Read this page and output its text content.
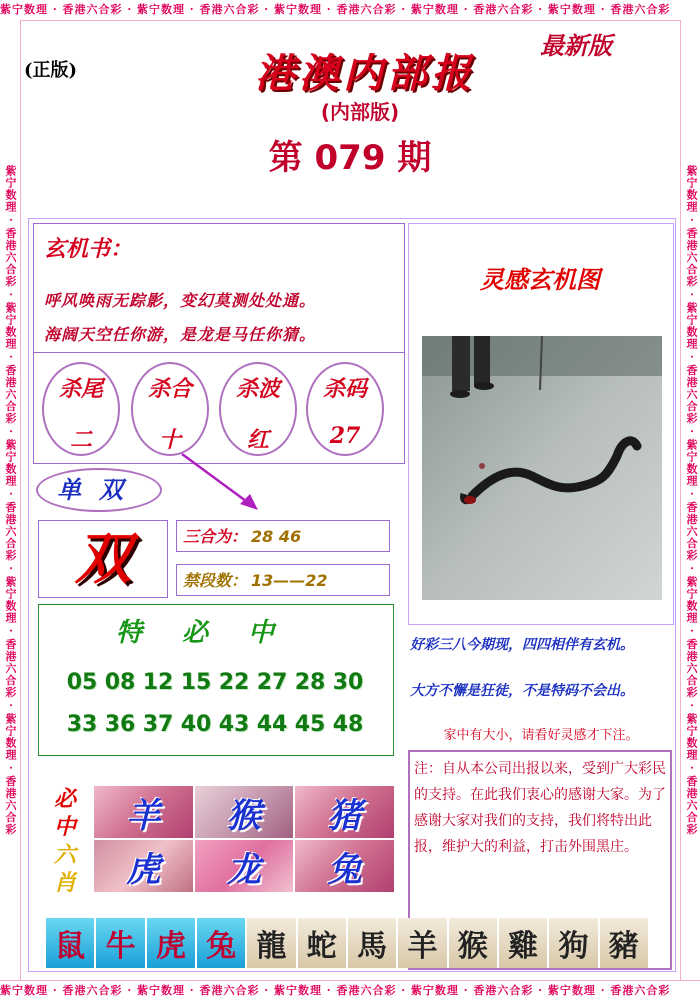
紫宁数理 · 香港六合彩 · 紫宁数理 · 香港六合彩 · 紫宁数理 · 香港六合彩 · 紫宁数理 · 香港六合彩 · 紫宁数理 · 香港六合彩
紫宁数理 · 香港六合彩 · 紫宁数理 · 香港六合彩 · 紫宁数理 · 香港六合彩 · 紫宁数理 · 香港六合彩 · 紫宁数理 · 香港六合彩
紫宁数理 · 香港六合彩 · 紫宁数理 · 香港六合彩 · 紫宁数理 · 香港六合彩 · 紫宁数理 · 香港六合彩 · 紫宁数理 · 香港六合彩	紫宁数理 · 香港六合彩 · 紫宁数理 · 香港六合彩 · 紫宁数理 · 香港六合彩 · 紫宁数理 · 香港六合彩 · 紫宁数理 · 香港六合彩
(正版)
最新版
港澳内部报
(内部版)
第 079 期
玄机书：
呼风唤雨无踪影，变幻莫测处处通。
海阔天空任你游，是龙是马任你猜。
杀尾
二
杀合
十
杀波
红
杀码
27
单双
双	三合为： 28 46
禁段数： 13——22
特必中
05 08 12 15 22 27 28 30
33 36 37 40 43 44 45 48
必
中
六
肖
羊	猴	猪
虎	龙	兔
灵感玄机图
好彩三八今期现，四四相伴有玄机。
大方不懈是狂徒，不是特码不会出。
家中有大小，请看好灵感才下注。
注：自从本公司出报以来，受到广大彩民的支持。在此我们衷心的感谢大家。为了感谢大家对我们的支持，我们将特出此报，维护大的利益，打击外围黑庄。
鼠 牛 虎 兔 龍 蛇 馬 羊 猴 雞 狗 豬
